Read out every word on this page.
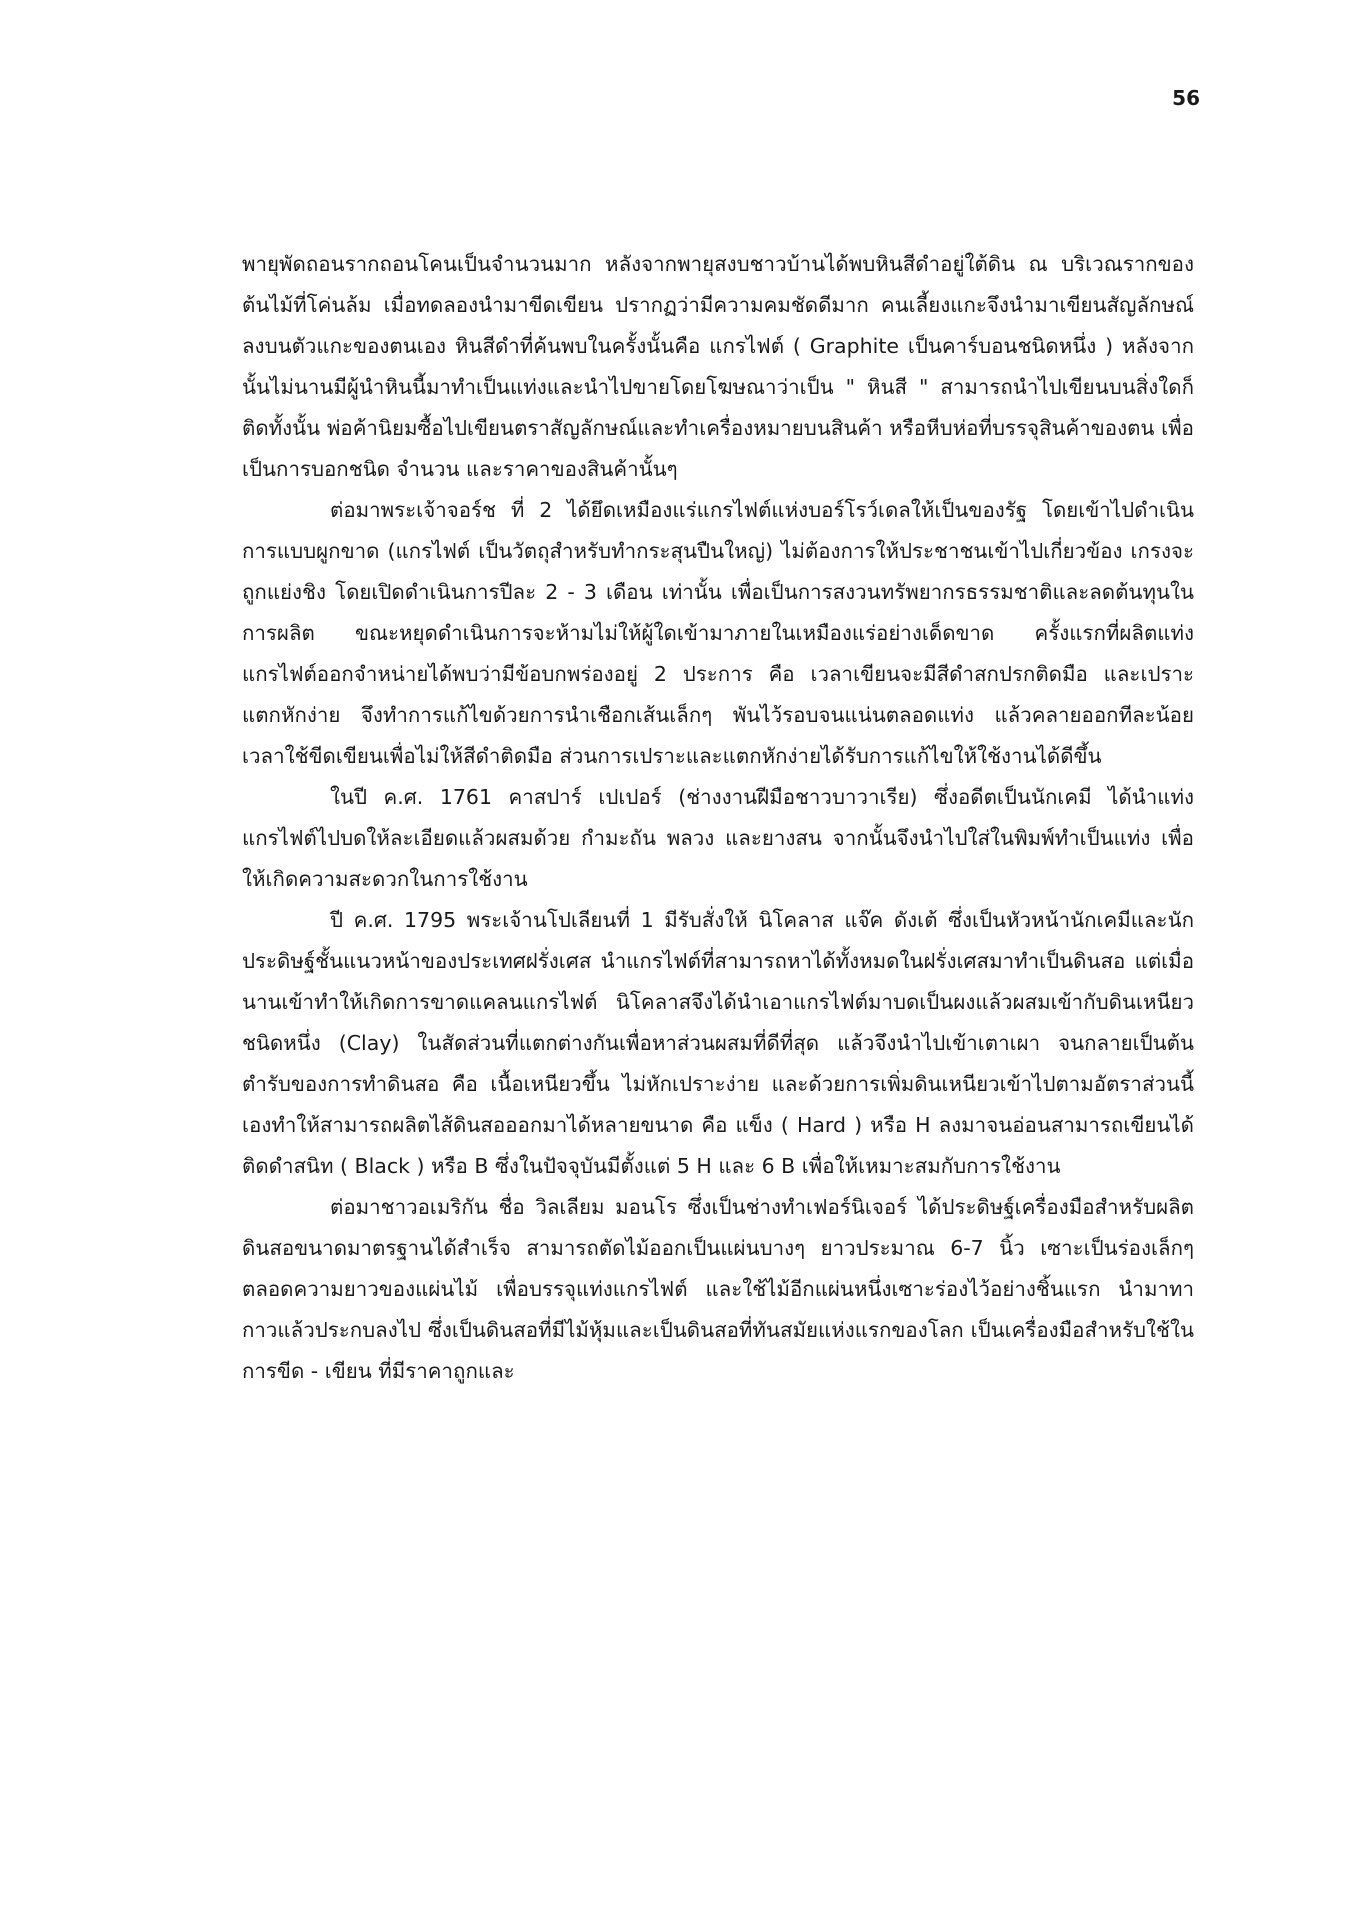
56

พายุพัดถอนรากถอนโคนเป็นจำนวนมาก หลังจากพายุสงบชาวบ้านได้พบหินสีดำอยู่ใต้ดิน ณ บริเวณรากของต้นไม้ที่โค่นล้ม เมื่อทดลองนำมาขีดเขียน ปรากฏว่ามีความคมชัดดีมาก คนเลี้ยงแกะจึงนำมาเขียนสัญลักษณ์ลงบนตัวแกะของตนเอง หินสีดำที่ค้นพบในครั้งนั้นคือ แกรไฟต์ ( Graphite เป็นคาร์บอนชนิดหนึ่ง ) หลังจากนั้นไม่นานมีผู้นำหินนี้มาทำเป็นแท่งและนำไปขายโดยโฆษณาว่าเป็น " หินสี " สามารถนำไปเขียนบนสิ่งใดก็ติดทั้งนั้น พ่อค้านิยมซื้อไปเขียนตราสัญลักษณ์และทำเครื่องหมายบนสินค้า หรือหีบห่อที่บรรจุสินค้าของตน เพื่อเป็นการบอกชนิด จำนวน และราคาของสินค้านั้นๆ

ต่อมาพระเจ้าจอร์ช ที่ 2 ได้ยึดเหมืองแร่แกรไฟต์แห่งบอร์โรว์เดลให้เป็นของรัฐ โดยเข้าไปดำเนินการแบบผูกขาด (แกรไฟต์ เป็นวัตถุสำหรับทำกระสุนปืนใหญ่) ไม่ต้องการให้ประชาชนเข้าไปเกี่ยวข้อง เกรงจะถูกแย่งชิง โดยเปิดดำเนินการปีละ 2 - 3 เดือน เท่านั้น เพื่อเป็นการสงวนทรัพยากรธรรมชาติและลดต้นทุนในการผลิต ขณะหยุดดำเนินการจะห้ามไม่ให้ผู้ใดเข้ามาภายในเหมืองแร่อย่างเด็ดขาด ครั้งแรกที่ผลิตแท่งแกรไฟต์ออกจำหน่ายได้พบว่ามีข้อบกพร่องอยู่ 2 ประการ คือ เวลาเขียนจะมีสีดำสกปรกติดมือ และเปราะแตกหักง่าย จึงทำการแก้ไขด้วยการนำเชือกเส้นเล็กๆ พันไว้รอบจนแน่นตลอดแท่ง แล้วคลายออกทีละน้อยเวลาใช้ขีดเขียนเพื่อไม่ให้สีดำติดมือ ส่วนการเปราะและแตกหักง่ายได้รับการแก้ไขให้ใช้งานได้ดีขึ้น

ในปี ค.ศ. 1761 คาสปาร์ เปเปอร์ (ช่างงานฝีมือชาวบาวาเรีย) ซึ่งอดีตเป็นนักเคมี ได้นำแท่งแกรไฟต์ไปบดให้ละเอียดแล้วผสมด้วย กำมะถัน พลวง และยางสน จากนั้นจึงนำไปใส่ในพิมพ์ทำเป็นแท่ง เพื่อให้เกิดความสะดวกในการใช้งาน

ปี ค.ศ. 1795 พระเจ้านโปเลียนที่ 1 มีรับสั่งให้ นิโคลาส แจ๊ค ดังเต้ ซึ่งเป็นหัวหน้านักเคมีและนักประดิษฐ์ชั้นแนวหน้าของประเทศฝรั่งเศส นำแกรไฟต์ที่สามารถหาได้ทั้งหมดในฝรั่งเศสมาทำเป็นดินสอ แต่เมื่อนานเข้าทำให้เกิดการขาดแคลนแกรไฟต์ นิโคลาสจึงได้นำเอาแกรไฟต์มาบดเป็นผงแล้วผสมเข้ากับดินเหนียวชนิดหนึ่ง (Clay) ในสัดส่วนที่แตกต่างกันเพื่อหาส่วนผสมที่ดีที่สุด แล้วจึงนำไปเข้าเตาเผา จนกลายเป็นต้นตำรับของการทำดินสอ คือ เนื้อเหนียวขึ้น ไม่หักเปราะง่าย และด้วยการเพิ่มดินเหนียวเข้าไปตามอัตราส่วนนี้เองทำให้สามารถผลิตไส้ดินสอออกมาได้หลายขนาด คือ แข็ง ( Hard ) หรือ H ลงมาจนอ่อนสามารถเขียนได้ติดดำสนิท ( Black ) หรือ B ซึ่งในปัจจุบันมีตั้งแต่ 5 H และ 6 B เพื่อให้เหมาะสมกับการใช้งาน

ต่อมาชาวอเมริกัน ชื่อ วิลเลียม มอนโร ซึ่งเป็นช่างทำเฟอร์นิเจอร์ ได้ประดิษฐ์เครื่องมือสำหรับผลิตดินสอขนาดมาตรฐานได้สำเร็จ สามารถตัดไม้ออกเป็นแผ่นบางๆ ยาวประมาณ 6-7 นิ้ว เซาะเป็นร่องเล็กๆตลอดความยาวของแผ่นไม้ เพื่อบรรจุแท่งแกรไฟต์ และใช้ไม้อีกแผ่นหนึ่งเซาะร่องไว้อย่างชิ้นแรก นำมาทากาวแล้วประกบลงไป ซึ่งเป็นดินสอที่มีไม้หุ้มและเป็นดินสอที่ทันสมัยแห่งแรกของโลก เป็นเครื่องมือสำหรับใช้ในการขีด - เขียน ที่มีราคาถูกและ
